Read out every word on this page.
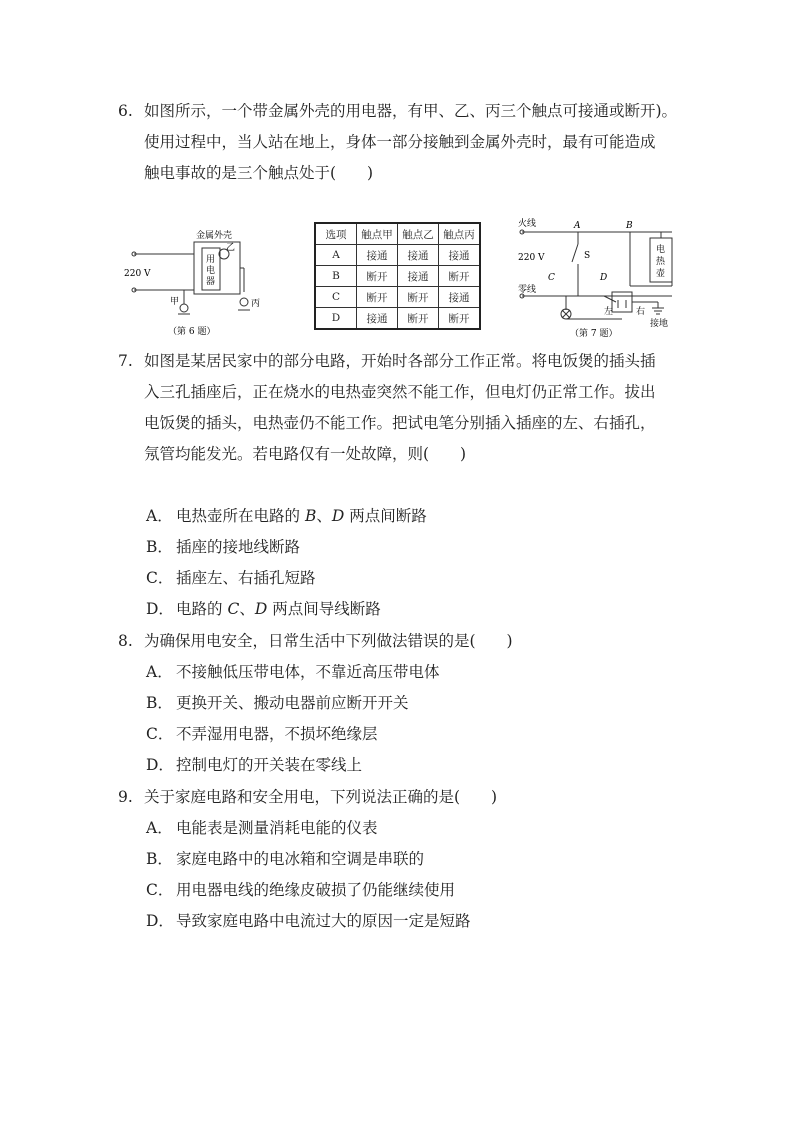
6. 如图所示，一个带金属外壳的用电器，有甲、乙、丙三个触点可接通或断开)。
使用过程中，当人站在地上，身体一部分接触到金属外壳时，最有可能造成
触电事故的是三个触点处于(　　)
金属外壳
220 V
用
电
器
乙
甲	丙
（第 6 题）
选项	触点甲	触点乙	触点丙
A	接通	接通	接通
B	断开	接通	断开
C	断开	断开	接通
D	接通	断开	断开
火线	A	B
220 V	S
C	D
零线
电
热
壶
左	右
接地
（第 7 题）
7. 如图是某居民家中的部分电路，开始时各部分工作正常。将电饭煲的插头插
入三孔插座后，正在烧水的电热壶突然不能工作，但电灯仍正常工作。拔出
电饭煲的插头，电热壶仍不能工作。把试电笔分别插入插座的左、右插孔，
氖管均能发光。若电路仅有一处故障，则(　　)
A． 电热壶所在电路的 B、D 两点间断路
B． 插座的接地线断路
C． 插座左、右插孔短路
D． 电路的 C、D 两点间导线断路
8. 为确保用电安全，日常生活中下列做法错误的是(　　)
A． 不接触低压带电体，不靠近高压带电体
B． 更换开关、搬动电器前应断开开关
C． 不弄湿用电器，不损坏绝缘层
D． 控制电灯的开关装在零线上
9. 关于家庭电路和安全用电，下列说法正确的是(　　)
A． 电能表是测量消耗电能的仪表
B． 家庭电路中的电冰箱和空调是串联的
C． 用电器电线的绝缘皮破损了仍能继续使用
D． 导致家庭电路中电流过大的原因一定是短路
